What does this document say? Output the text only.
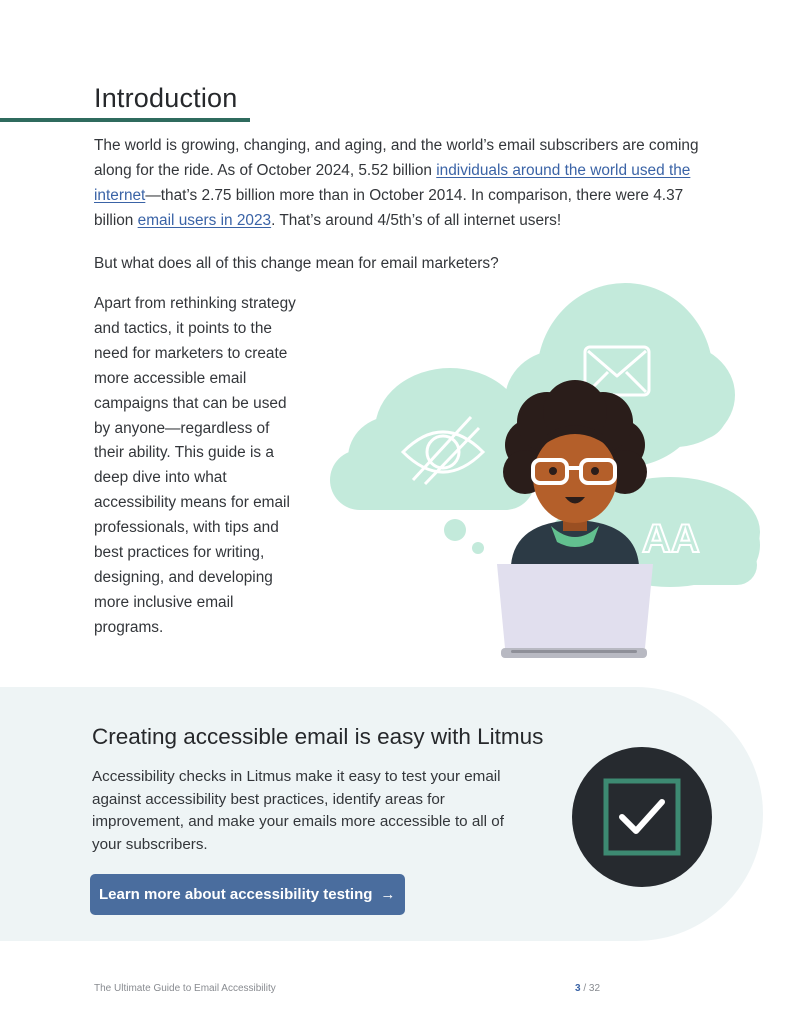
Introduction

The world is growing, changing, and aging, and the world’s email subscribers are coming along for the ride. As of October 2024, 5.52 billion individuals around the world used the internet—that’s 2.75 billion more than in October 2014. In comparison, there were 4.37 billion email users in 2023. That’s around 4/5th’s of all internet users!

But what does all of this change mean for email marketers?

Apart from rethinking strategy and tactics, it points to the need for marketers to create more accessible email campaigns that can be used by anyone—regardless of their ability. This guide is a deep dive into what accessibility means for email professionals, with tips and best practices for writing, designing, and developing more inclusive email programs.

AA
Creating accessible email is easy with Litmus

Accessibility checks in Litmus make it easy to test your email against accessibility best practices, identify areas for improvement, and make your emails more accessible to all of your subscribers.

Learn more about accessibility testing →
The Ultimate Guide to Email Accessibility	3 / 32
